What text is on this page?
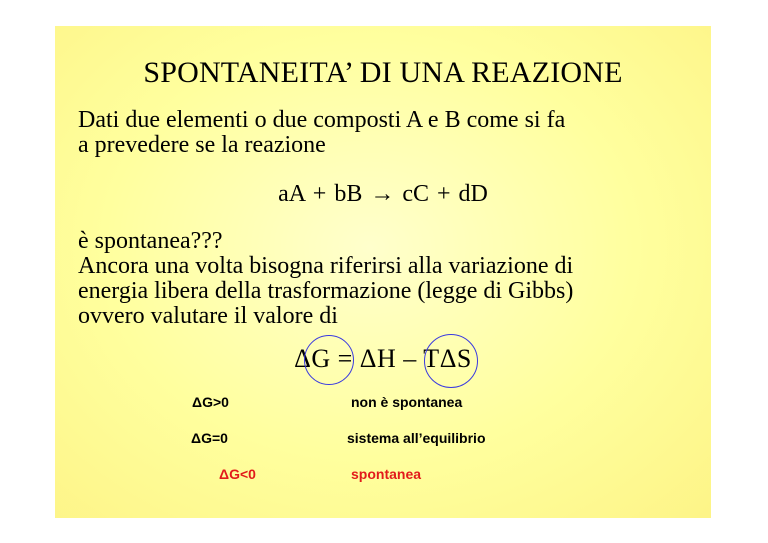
SPONTANEITA’ DI UNA REAZIONE
Dati due elementi o due composti A e B come si fa
a prevedere se la reazione
aA + bB → cC + dD
è spontanea???
Ancora una volta bisogna riferirsi alla variazione di
energia libera della trasformazione (legge di Gibbs)
ovvero valutare il valore di
ΔG = ΔH – TΔS
ΔG>0	non è spontanea
ΔG=0	sistema all’equilibrio
ΔG<0	spontanea
